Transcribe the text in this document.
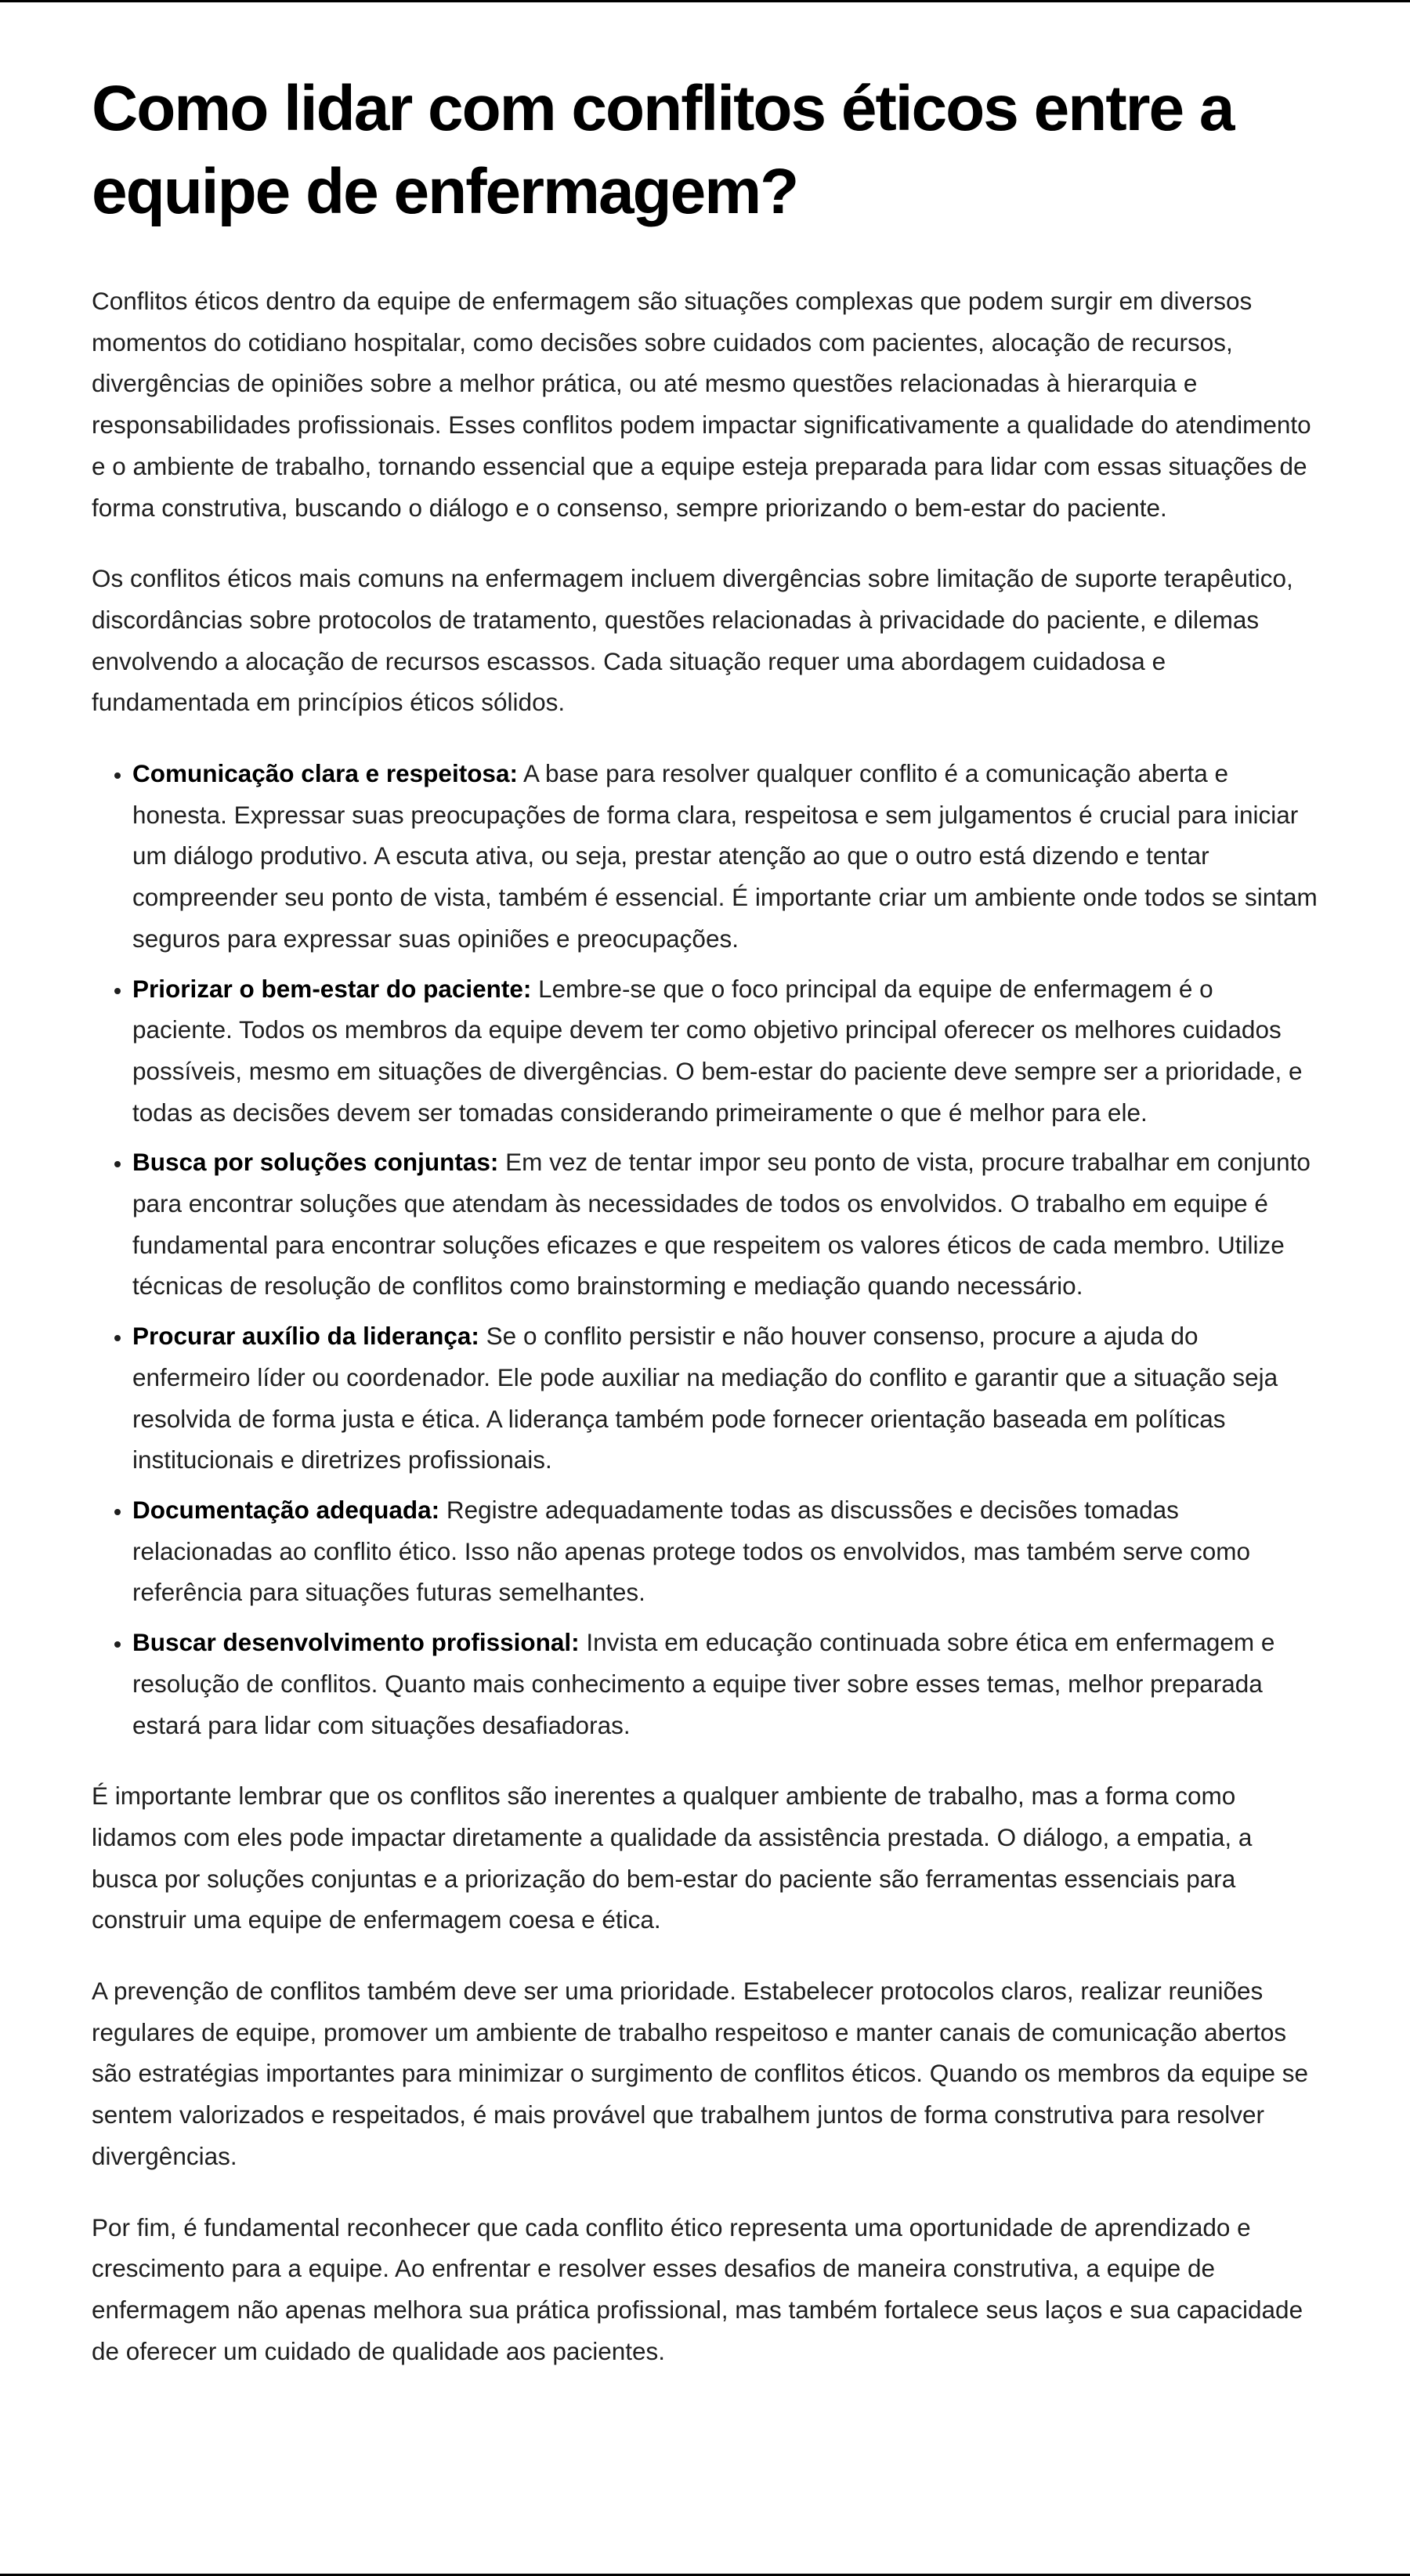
Como lidar com conflitos éticos entre a equipe de enfermagem?

Conflitos éticos dentro da equipe de enfermagem são situações complexas que podem surgir em diversos momentos do cotidiano hospitalar, como decisões sobre cuidados com pacientes, alocação de recursos, divergências de opiniões sobre a melhor prática, ou até mesmo questões relacionadas à hierarquia e responsabilidades profissionais. Esses conflitos podem impactar significativamente a qualidade do atendimento e o ambiente de trabalho, tornando essencial que a equipe esteja preparada para lidar com essas situações de forma construtiva, buscando o diálogo e o consenso, sempre priorizando o bem-estar do paciente.

Os conflitos éticos mais comuns na enfermagem incluem divergências sobre limitação de suporte terapêutico, discordâncias sobre protocolos de tratamento, questões relacionadas à privacidade do paciente, e dilemas envolvendo a alocação de recursos escassos. Cada situação requer uma abordagem cuidadosa e fundamentada em princípios éticos sólidos.

• Comunicação clara e respeitosa: A base para resolver qualquer conflito é a comunicação aberta e honesta. Expressar suas preocupações de forma clara, respeitosa e sem julgamentos é crucial para iniciar um diálogo produtivo. A escuta ativa, ou seja, prestar atenção ao que o outro está dizendo e tentar compreender seu ponto de vista, também é essencial. É importante criar um ambiente onde todos se sintam seguros para expressar suas opiniões e preocupações.
• Priorizar o bem-estar do paciente: Lembre-se que o foco principal da equipe de enfermagem é o paciente. Todos os membros da equipe devem ter como objetivo principal oferecer os melhores cuidados possíveis, mesmo em situações de divergências. O bem-estar do paciente deve sempre ser a prioridade, e todas as decisões devem ser tomadas considerando primeiramente o que é melhor para ele.
• Busca por soluções conjuntas: Em vez de tentar impor seu ponto de vista, procure trabalhar em conjunto para encontrar soluções que atendam às necessidades de todos os envolvidos. O trabalho em equipe é fundamental para encontrar soluções eficazes e que respeitem os valores éticos de cada membro. Utilize técnicas de resolução de conflitos como brainstorming e mediação quando necessário.
• Procurar auxílio da liderança: Se o conflito persistir e não houver consenso, procure a ajuda do enfermeiro líder ou coordenador. Ele pode auxiliar na mediação do conflito e garantir que a situação seja resolvida de forma justa e ética. A liderança também pode fornecer orientação baseada em políticas institucionais e diretrizes profissionais.
• Documentação adequada: Registre adequadamente todas as discussões e decisões tomadas relacionadas ao conflito ético. Isso não apenas protege todos os envolvidos, mas também serve como referência para situações futuras semelhantes.
• Buscar desenvolvimento profissional: Invista em educação continuada sobre ética em enfermagem e resolução de conflitos. Quanto mais conhecimento a equipe tiver sobre esses temas, melhor preparada estará para lidar com situações desafiadoras.

É importante lembrar que os conflitos são inerentes a qualquer ambiente de trabalho, mas a forma como lidamos com eles pode impactar diretamente a qualidade da assistência prestada. O diálogo, a empatia, a busca por soluções conjuntas e a priorização do bem-estar do paciente são ferramentas essenciais para construir uma equipe de enfermagem coesa e ética.

A prevenção de conflitos também deve ser uma prioridade. Estabelecer protocolos claros, realizar reuniões regulares de equipe, promover um ambiente de trabalho respeitoso e manter canais de comunicação abertos são estratégias importantes para minimizar o surgimento de conflitos éticos. Quando os membros da equipe se sentem valorizados e respeitados, é mais provável que trabalhem juntos de forma construtiva para resolver divergências.

Por fim, é fundamental reconhecer que cada conflito ético representa uma oportunidade de aprendizado e crescimento para a equipe. Ao enfrentar e resolver esses desafios de maneira construtiva, a equipe de enfermagem não apenas melhora sua prática profissional, mas também fortalece seus laços e sua capacidade de oferecer um cuidado de qualidade aos pacientes.
